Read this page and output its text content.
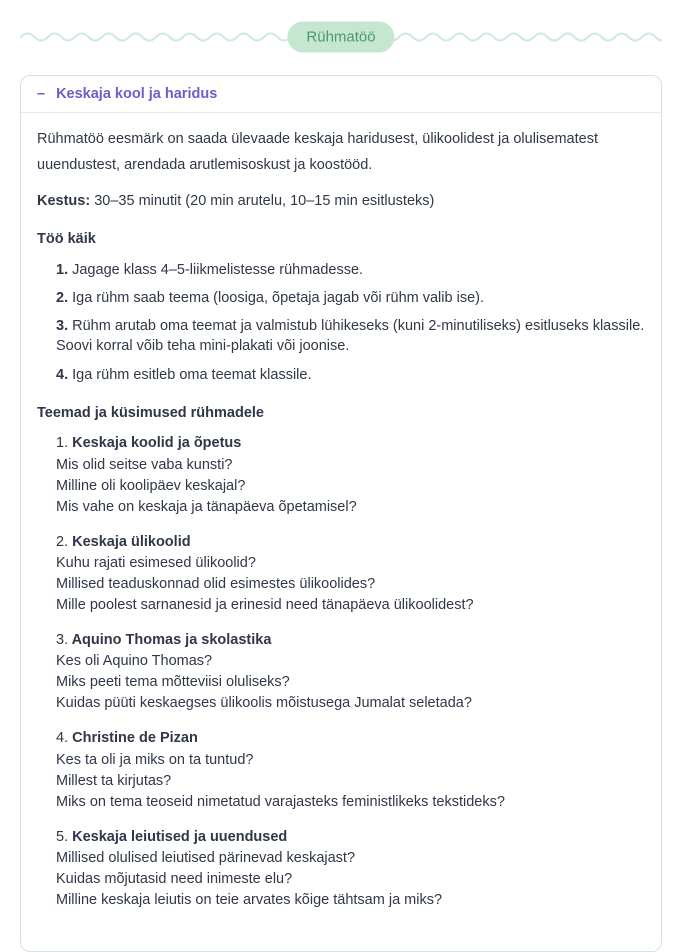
Rühmatöö
– Keskaja kool ja haridus

Rühmatöö eesmärk on saada ülevaade keskaja haridusest, ülikoolidest ja olulisematest uuendustest, arendada arutlemisoskust ja koostööd.

Kestus: 30–35 minutit (20 min arutelu, 10–15 min esitlusteks)

Töö käik

1. Jagage klass 4–5-liikmelistesse rühmadesse.

2. Iga rühm saab teema (loosiga, õpetaja jagab või rühm valib ise).

3. Rühm arutab oma teemat ja valmistub lühikeseks (kuni 2-minutiliseks) esitluseks klassile. Soovi korral võib teha mini-plakati või joonise.

4. Iga rühm esitleb oma teemat klassile.

Teemad ja küsimused rühmadele

1. Keskaja koolid ja õpetus

Mis olid seitse vaba kunsti?

Milline oli koolipäev keskajal?

Mis vahe on keskaja ja tänapäeva õpetamisel?

2. Keskaja ülikoolid

Kuhu rajati esimesed ülikoolid?

Millised teaduskonnad olid esimestes ülikoolides?

Mille poolest sarnanesid ja erinesid need tänapäeva ülikoolidest?

3. Aquino Thomas ja skolastika

Kes oli Aquino Thomas?

Miks peeti tema mõtteviisi oluliseks?

Kuidas püüti keskaegses ülikoolis mõistusega Jumalat seletada?

4. Christine de Pizan

Kes ta oli ja miks on ta tuntud?

Millest ta kirjutas?

Miks on tema teoseid nimetatud varajasteks feministlikeks tekstideks?

5. Keskaja leiutised ja uuendused

Millised olulised leiutised pärinevad keskajast?

Kuidas mõjutasid need inimeste elu?

Milline keskaja leiutis on teie arvates kõige tähtsam ja miks?
